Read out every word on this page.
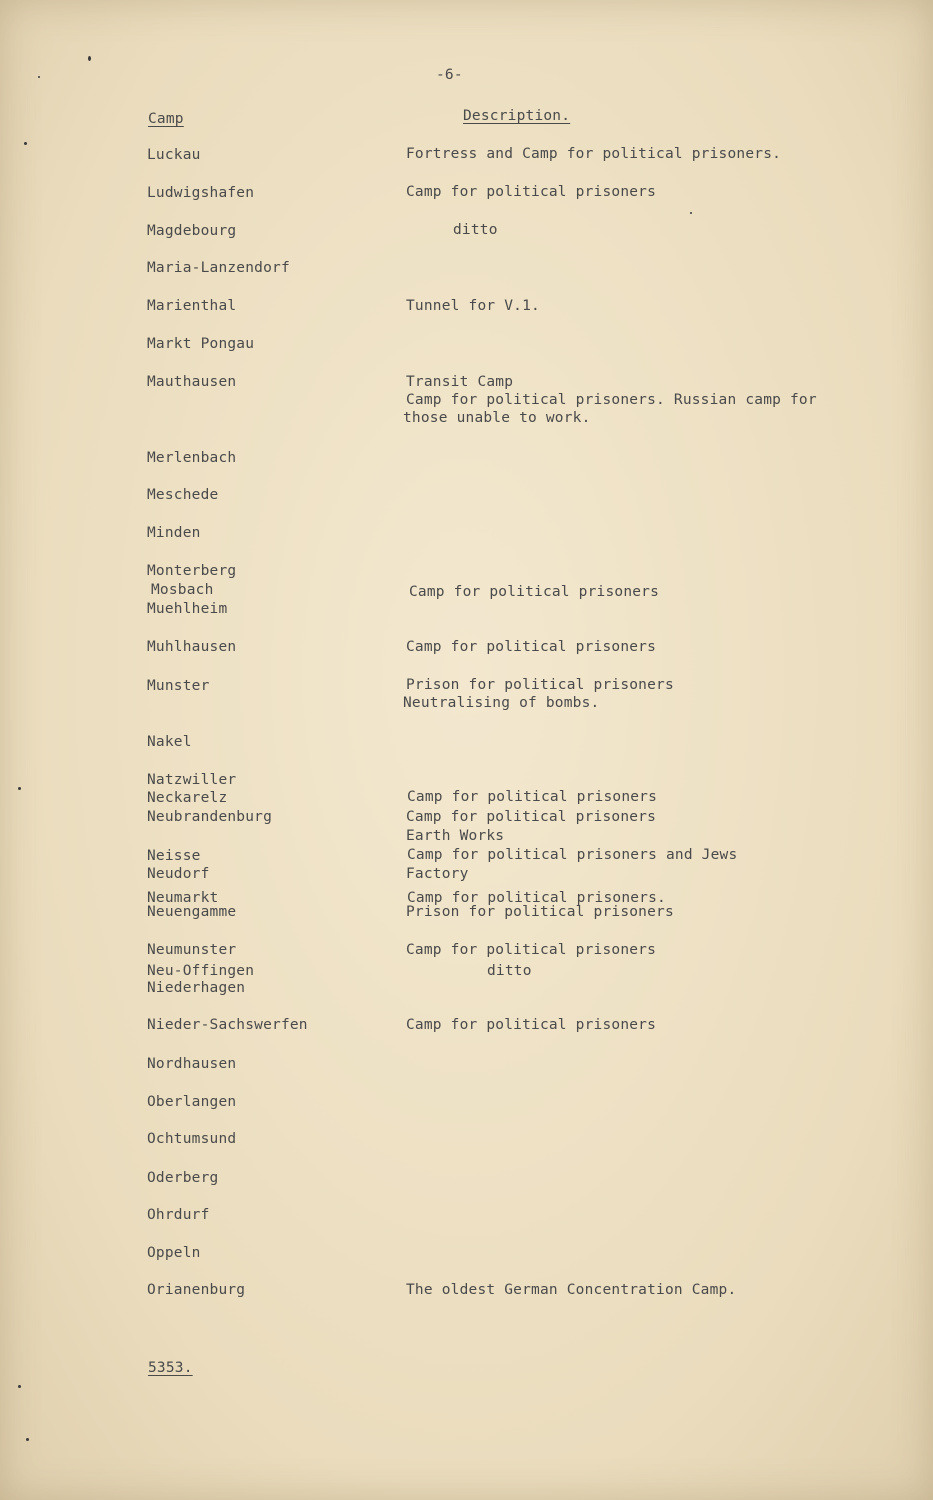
-6-
Camp	Description.
Luckau
Ludwigshafen
Magdebourg
Maria-Lanzendorf
Marienthal
Markt Pongau
Mauthausen
Merlenbach
Meschede
Minden
Monterberg
Mosbach
Muehlheim
Muhlhausen
Munster
Nakel
Natzwiller
Neckarelz
Neubrandenburg
Neisse
Neudorf
Neumarkt
Neuengamme
Neumunster
Neu-Offingen
Niederhagen
Nieder-Sachswerfen
Nordhausen
Oberlangen
Ochtumsund
Oderberg
Ohrdurf
Oppeln
Orianenburg
Fortress and Camp for political prisoners.
Camp for political prisoners
ditto
Tunnel for V.1.
Transit Camp
Camp for political prisoners. Russian camp for
those unable to work.
Camp for political prisoners
Camp for political prisoners
Prison for political prisoners
Neutralising of bombs.
Camp for political prisoners
Camp for political prisoners
Earth Works
Camp for political prisoners and Jews
Factory
Camp for political prisoners.
Prison for political prisoners
Camp for political prisoners
ditto
Camp for political prisoners
The oldest German Concentration Camp.
5353.
